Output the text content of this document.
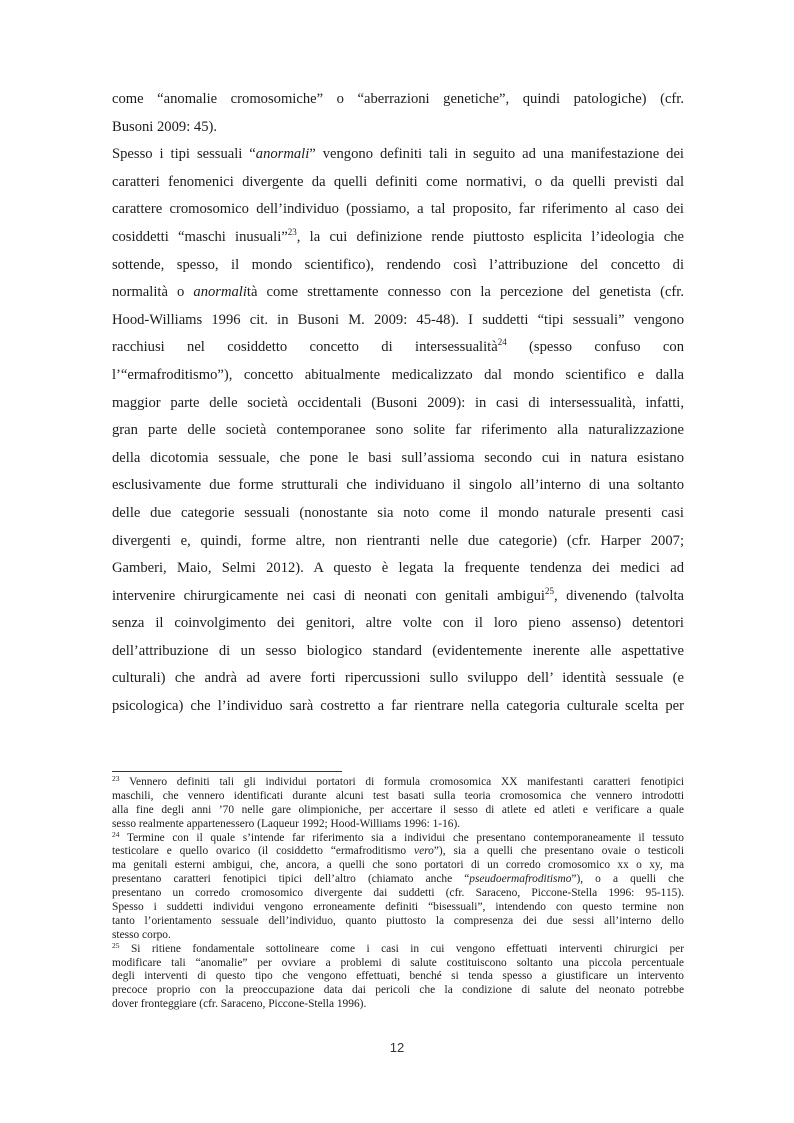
come “anomalie cromosomiche” o “aberrazioni genetiche”, quindi patologiche) (cfr.
Busoni 2009: 45).
Spesso i tipi sessuali “anormali” vengono definiti tali in seguito ad una manifestazione dei
caratteri fenomenici divergente da quelli definiti come normativi, o da quelli previsti dal
carattere cromosomico dell’individuo (possiamo, a tal proposito, far riferimento al caso dei
cosiddetti “maschi inusuali”$^{23}$, la cui definizione rende piuttosto esplicita l’ideologia che
sottende, spesso, il mondo scientifico), rendendo così l’attribuzione del concetto di
normalità o anormalità come strettamente connesso con la percezione del genetista (cfr.
Hood-Williams 1996 cit. in Busoni M. 2009: 45-48). I suddetti “tipi sessuali” vengono
racchiusi nel cosiddetto concetto di intersessualità$^{24}$ (spesso confuso con
l’“ermafroditismo”), concetto abitualmente medicalizzato dal mondo scientifico e dalla
maggior parte delle società occidentali (Busoni 2009): in casi di intersessualità, infatti,
gran parte delle società contemporanee sono solite far riferimento alla naturalizzazione
della dicotomia sessuale, che pone le basi sull’assioma secondo cui in natura esistano
esclusivamente due forme strutturali che individuano il singolo all’interno di una soltanto
delle due categorie sessuali (nonostante sia noto come il mondo naturale presenti casi
divergenti e, quindi, forme altre, non rientranti nelle due categorie) (cfr. Harper 2007;
Gamberi, Maio, Selmi 2012). A questo è legata la frequente tendenza dei medici ad
intervenire chirurgicamente nei casi di neonati con genitali ambigui$^{25}$, divenendo (talvolta
senza il coinvolgimento dei genitori, altre volte con il loro pieno assenso) detentori
dell’attribuzione di un sesso biologico standard (evidentemente inerente alle aspettative
culturali) che andrà ad avere forti ripercussioni sullo sviluppo dell’ identità sessuale (e
psicologica) che l’individuo sarà costretto a far rientrare nella categoria culturale scelta per
$^{23}$ Vennero definiti tali gli individui portatori di formula cromosomica XX manifestanti caratteri fenotipici
maschili, che vennero identificati durante alcuni test basati sulla teoria cromosomica che vennero introdotti
alla fine degli anni ’70 nelle gare olimpioniche, per accertare il sesso di atlete ed atleti e verificare a quale
sesso realmente appartenessero (Laqueur 1992; Hood-Williams 1996: 1-16).
$^{24}$ Termine con il quale s’intende far riferimento sia a individui che presentano contemporaneamente il tessuto
testicolare e quello ovarico (il cosiddetto “ermafroditismo vero”), sia a quelli che presentano ovaie o testicoli
ma genitali esterni ambigui, che, ancora, a quelli che sono portatori di un corredo cromosomico xx o xy, ma
presentano caratteri fenotipici tipici dell’altro (chiamato anche “pseudoermafroditismo”), o a quelli che
presentano un corredo cromosomico divergente dai suddetti (cfr. Saraceno, Piccone-Stella 1996: 95-115).
Spesso i suddetti individui vengono erroneamente definiti “bisessuali”, intendendo con questo termine non
tanto l’orientamento sessuale dell’individuo, quanto piuttosto la compresenza dei due sessi all’interno dello
stesso corpo.
$^{25}$ Si ritiene fondamentale sottolineare come i casi in cui vengono effettuati interventi chirurgici per
modificare tali “anomalie” per ovviare a problemi di salute costituiscono soltanto una piccola percentuale
degli interventi di questo tipo che vengono effettuati, benché si tenda spesso a giustificare un intervento
precoce proprio con la preoccupazione data dai pericoli che la condizione di salute del neonato potrebbe
dover fronteggiare (cfr. Saraceno, Piccone-Stella 1996).
12
